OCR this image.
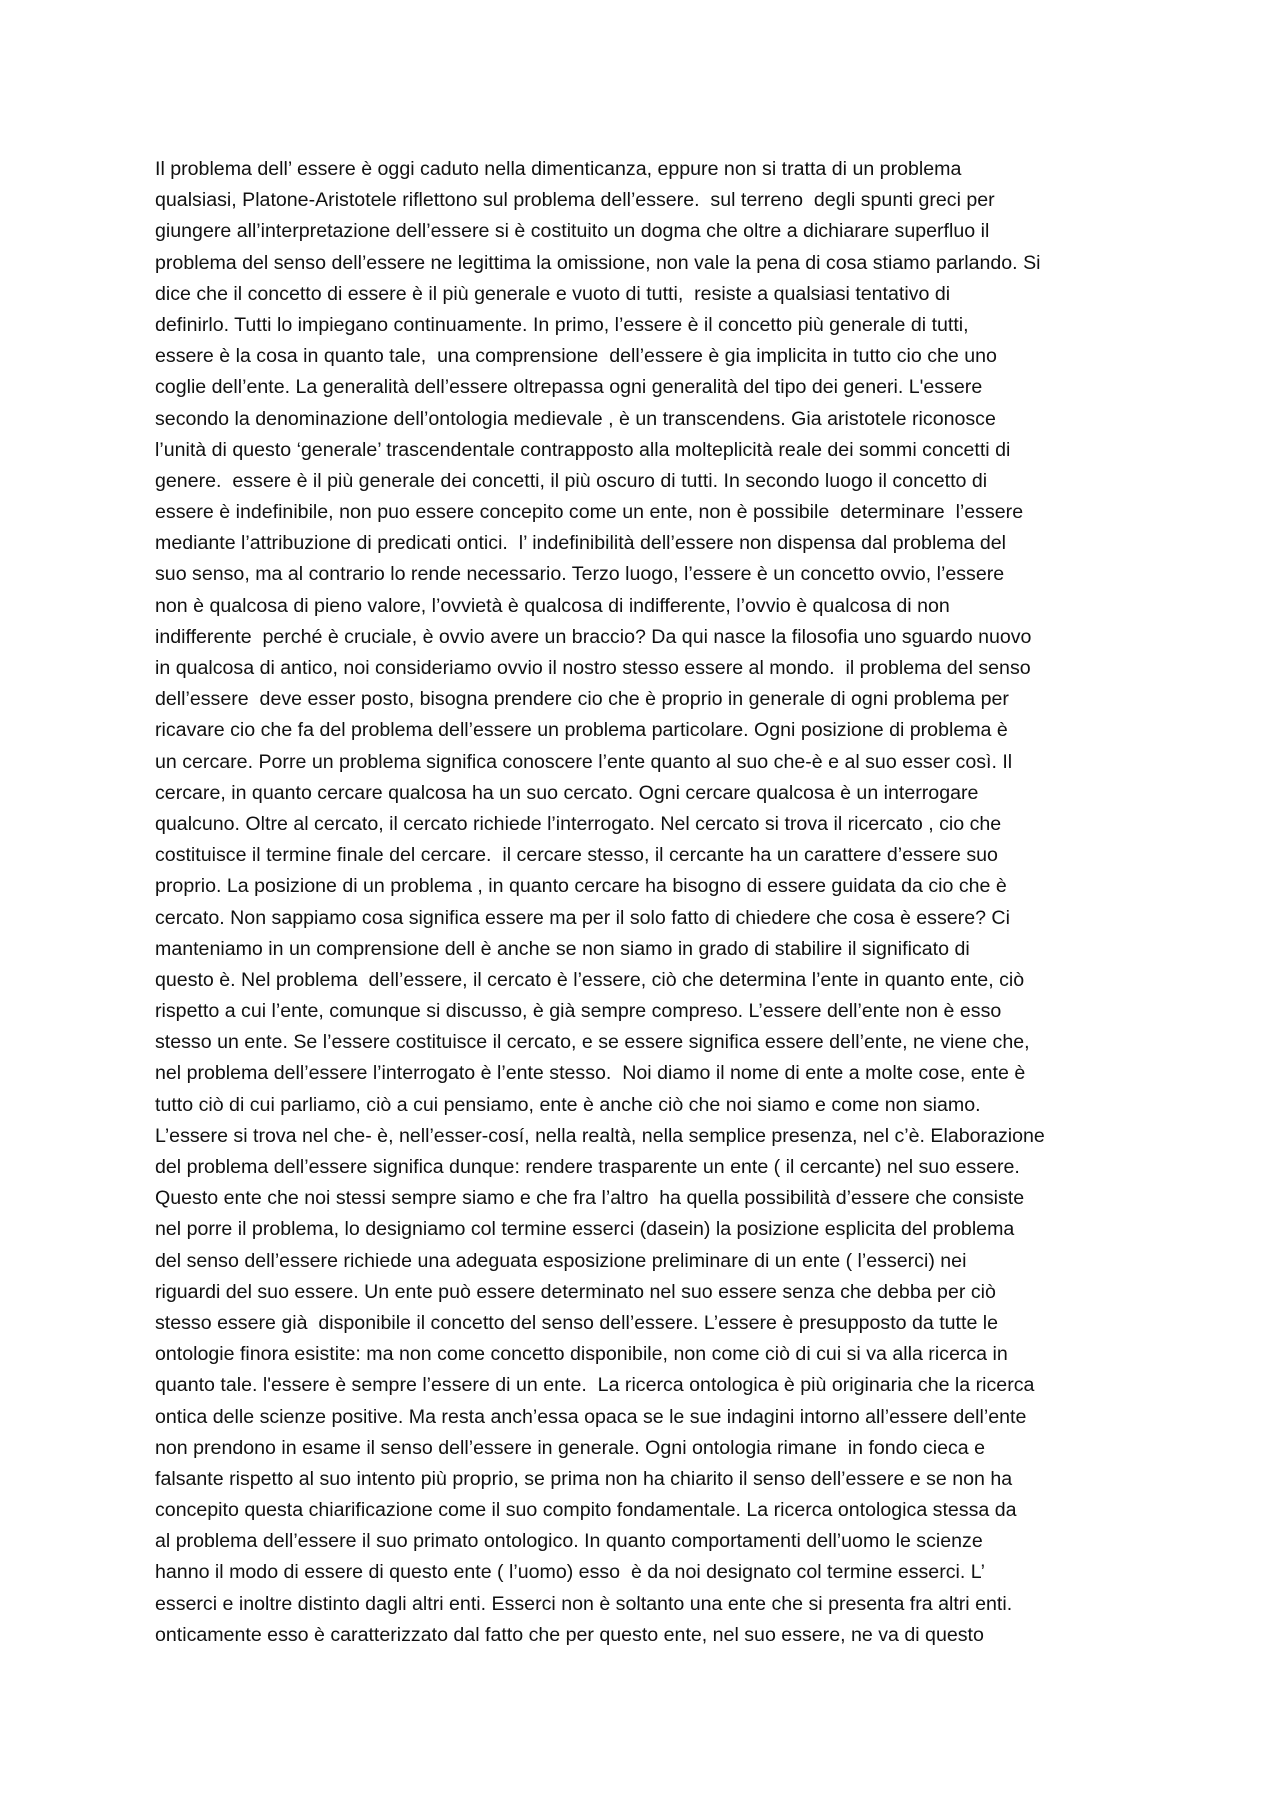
Il problema dell’ essere è oggi caduto nella dimenticanza, eppure non si tratta di un problema
qualsiasi, Platone-Aristotele riflettono sul problema dell’essere.  sul terreno  degli spunti greci per
giungere all’interpretazione dell’essere si è costituito un dogma che oltre a dichiarare superfluo il
problema del senso dell’essere ne legittima la omissione, non vale la pena di cosa stiamo parlando. Si
dice che il concetto di essere è il più generale e vuoto di tutti,  resiste a qualsiasi tentativo di
definirlo. Tutti lo impiegano continuamente. In primo, l’essere è il concetto più generale di tutti,
essere è la cosa in quanto tale,  una comprensione  dell’essere è gia implicita in tutto cio che uno
coglie dell’ente. La generalità dell’essere oltrepassa ogni generalità del tipo dei generi. L'essere
secondo la denominazione dell’ontologia medievale , è un transcendens. Gia aristotele riconosce
l’unità di questo ‘generale’ trascendentale contrapposto alla molteplicità reale dei sommi concetti di
genere.  essere è il più generale dei concetti, il più oscuro di tutti. In secondo luogo il concetto di
essere è indefinibile, non puo essere concepito come un ente, non è possibile  determinare  l’essere
mediante l’attribuzione di predicati ontici.  l’ indefinibilità dell’essere non dispensa dal problema del
suo senso, ma al contrario lo rende necessario. Terzo luogo, l’essere è un concetto ovvio, l’essere
non è qualcosa di pieno valore, l’ovvietà è qualcosa di indifferente, l’ovvio è qualcosa di non
indifferente  perché è cruciale, è ovvio avere un braccio? Da qui nasce la filosofia uno sguardo nuovo
in qualcosa di antico, noi consideriamo ovvio il nostro stesso essere al mondo.  il problema del senso
dell’essere  deve esser posto, bisogna prendere cio che è proprio in generale di ogni problema per
ricavare cio che fa del problema dell’essere un problema particolare. Ogni posizione di problema è
un cercare. Porre un problema significa conoscere l’ente quanto al suo che-è e al suo esser così. Il
cercare, in quanto cercare qualcosa ha un suo cercato. Ogni cercare qualcosa è un interrogare
qualcuno. Oltre al cercato, il cercato richiede l’interrogato. Nel cercato si trova il ricercato , cio che
costituisce il termine finale del cercare.  il cercare stesso, il cercante ha un carattere d’essere suo
proprio. La posizione di un problema , in quanto cercare ha bisogno di essere guidata da cio che è
cercato. Non sappiamo cosa significa essere ma per il solo fatto di chiedere che cosa è essere? Ci
manteniamo in un comprensione dell è anche se non siamo in grado di stabilire il significato di
questo è. Nel problema  dell’essere, il cercato è l’essere, ciò che determina l’ente in quanto ente, ciò
rispetto a cui l’ente, comunque si discusso, è già sempre compreso. L’essere dell’ente non è esso
stesso un ente. Se l’essere costituisce il cercato, e se essere significa essere dell’ente, ne viene che,
nel problema dell’essere l’interrogato è l’ente stesso.  Noi diamo il nome di ente a molte cose, ente è
tutto ciò di cui parliamo, ciò a cui pensiamo, ente è anche ciò che noi siamo e come non siamo.
L’essere si trova nel che- è, nell’esser-cosí, nella realtà, nella semplice presenza, nel c’è. Elaborazione
del problema dell’essere significa dunque: rendere trasparente un ente ( il cercante) nel suo essere.
Questo ente che noi stessi sempre siamo e che fra l’altro  ha quella possibilità d’essere che consiste
nel porre il problema, lo designiamo col termine esserci (dasein) la posizione esplicita del problema
del senso dell’essere richiede una adeguata esposizione preliminare di un ente ( l’esserci) nei
riguardi del suo essere. Un ente può essere determinato nel suo essere senza che debba per ciò
stesso essere già  disponibile il concetto del senso dell’essere. L’essere è presupposto da tutte le
ontologie finora esistite: ma non come concetto disponibile, non come ciò di cui si va alla ricerca in
quanto tale. l'essere è sempre l’essere di un ente.  La ricerca ontologica è più originaria che la ricerca
ontica delle scienze positive. Ma resta anch’essa opaca se le sue indagini intorno all’essere dell’ente
non prendono in esame il senso dell’essere in generale. Ogni ontologia rimane  in fondo cieca e
falsante rispetto al suo intento più proprio, se prima non ha chiarito il senso dell’essere e se non ha
concepito questa chiarificazione come il suo compito fondamentale. La ricerca ontologica stessa da
al problema dell’essere il suo primato ontologico. In quanto comportamenti dell’uomo le scienze
hanno il modo di essere di questo ente ( l’uomo) esso  è da noi designato col termine esserci. L’
esserci e inoltre distinto dagli altri enti. Esserci non è soltanto una ente che si presenta fra altri enti.
onticamente esso è caratterizzato dal fatto che per questo ente, nel suo essere, ne va di questo
